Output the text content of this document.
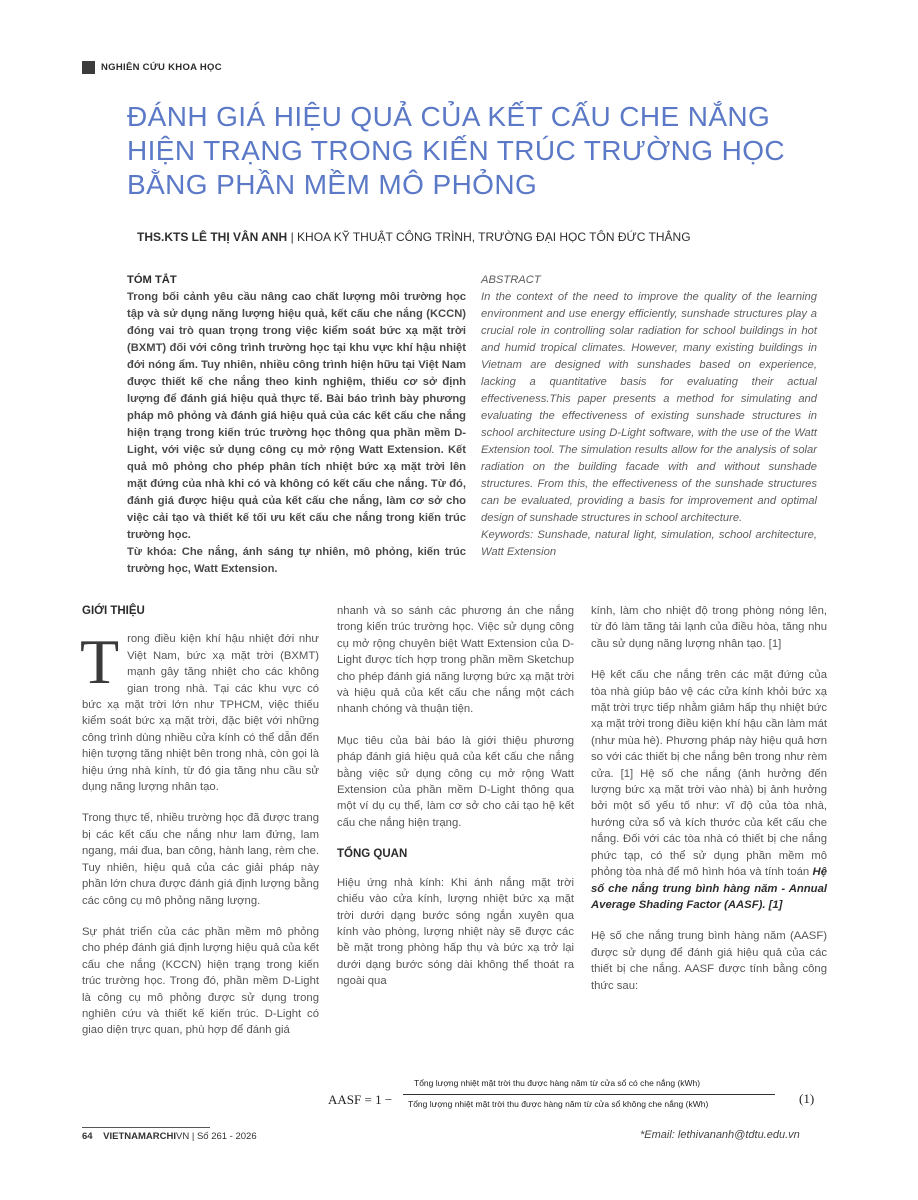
NGHIÊN CỨU KHOA HỌC
ĐÁNH GIÁ HIỆU QUẢ CỦA KẾT CẤU CHE NẮNG
HIỆN TRẠNG TRONG KIẾN TRÚC TRƯỜNG HỌC
BẰNG PHẦN MỀM MÔ PHỎNG
THS.KTS LÊ THỊ VÂN ANH | KHOA KỸ THUẬT CÔNG TRÌNH, TRƯỜNG ĐẠI HỌC TÔN ĐỨC THẮNG
TÓM TẮT

Trong bối cảnh yêu cầu nâng cao chất lượng môi trường học tập và sử dụng năng lượng hiệu quả, kết cấu che nắng (KCCN) đóng vai trò quan trọng trong việc kiểm soát bức xạ mặt trời (BXMT) đối với công trình trường học tại khu vực khí hậu nhiệt đới nóng ẩm. Tuy nhiên, nhiều công trình hiện hữu tại Việt Nam được thiết kế che nắng theo kinh nghiệm, thiếu cơ sở định lượng để đánh giá hiệu quả thực tế. Bài báo trình bày phương pháp mô phỏng và đánh giá hiệu quả của các kết cấu che nắng hiện trạng trong kiến trúc trường học thông qua phần mềm D-Light, với việc sử dụng công cụ mở rộng Watt Extension. Kết quả mô phỏng cho phép phân tích nhiệt bức xạ mặt trời lên mặt đứng của nhà khi có và không có kết cấu che nắng. Từ đó, đánh giá được hiệu quả của kết cấu che nắng, làm cơ sở cho việc cải tạo và thiết kế tối ưu kết cấu che nắng trong kiến trúc trường học.

Từ khóa: Che nắng, ánh sáng tự nhiên, mô phỏng, kiến trúc trường học, Watt Extension.

ABSTRACT

In the context of the need to improve the quality of the learning environment and use energy efficiently, sunshade structures play a crucial role in controlling solar radiation for school buildings in hot and humid tropical climates. However, many existing buildings in Vietnam are designed with sunshades based on experience, lacking a quantitative basis for evaluating their actual effectiveness.This paper presents a method for simulating and evaluating the effectiveness of existing sunshade structures in school architecture using D-Light software, with the use of the Watt Extension tool. The simulation results allow for the analysis of solar radiation on the building facade with and without sunshade structures. From this, the effectiveness of the sunshade structures can be evaluated, providing a basis for improvement and optimal design of sunshade structures in school architecture.

Keywords: Sunshade, natural light, simulation, school architecture, Watt Extension

GIỚI THIỆU

Trong điều kiện khí hậu nhiệt đới như Việt Nam, bức xạ mặt trời (BXMT) mạnh gây tăng nhiệt cho các không gian trong nhà. Tại các khu vực có bức xạ mặt trời lớn như TPHCM, việc thiếu kiểm soát bức xạ mặt trời, đặc biệt với những công trình dùng nhiều cửa kính có thể dẫn đến hiện tượng tăng nhiệt bên trong nhà, còn gọi là hiệu ứng nhà kính, từ đó gia tăng nhu cầu sử dụng năng lượng nhân tạo.

Trong thực tế, nhiều trường học đã được trang bị các kết cấu che nắng như lam đứng, lam ngang, mái đua, ban công, hành lang, rèm che. Tuy nhiên, hiệu quả của các giải pháp này phần lớn chưa được đánh giá định lượng bằng các công cụ mô phỏng năng lượng.

Sự phát triển của các phần mềm mô phỏng cho phép đánh giá định lượng hiệu quả của kết cấu che nắng (KCCN) hiện trạng trong kiến trúc trường học. Trong đó, phần mềm D-Light là công cụ mô phỏng được sử dụng trong nghiên cứu và thiết kế kiến trúc. D-Light có giao diện trực quan, phù hợp để đánh giá

nhanh và so sánh các phương án che nắng trong kiến trúc trường học. Việc sử dụng công cụ mở rộng chuyên biệt Watt Extension của D-Light được tích hợp trong phần mềm Sketchup cho phép đánh giá năng lượng bức xạ mặt trời và hiệu quả của kết cấu che nắng một cách nhanh chóng và thuận tiện.

Mục tiêu của bài báo là giới thiệu phương pháp đánh giá hiệu quả của kết cấu che nắng bằng việc sử dụng công cụ mở rộng Watt Extension của phần mềm D-Light thông qua một ví dụ cụ thể, làm cơ sở cho cải tạo hệ kết cấu che nắng hiện trạng.

TỔNG QUAN

Hiệu ứng nhà kính: Khi ánh nắng mặt trời chiếu vào cửa kính, lượng nhiệt bức xạ mặt trời dưới dạng bước sóng ngắn xuyên qua kính vào phòng, lượng nhiệt này sẽ được các bề mặt trong phòng hấp thụ và bức xạ trở lại dưới dạng bước sóng dài không thể thoát ra ngoài qua

kính, làm cho nhiệt độ trong phòng nóng lên, từ đó làm tăng tải lạnh của điều hòa, tăng nhu cầu sử dụng năng lượng nhân tạo. [1]

Hệ kết cấu che nắng trên các mặt đứng của tòa nhà giúp bảo vệ các cửa kính khỏi bức xạ mặt trời trực tiếp nhằm giảm hấp thụ nhiệt bức xạ mặt trời trong điều kiện khí hậu cần làm mát (như mùa hè). Phương pháp này hiệu quả hơn so với các thiết bị che nắng bên trong như rèm cửa. [1] Hệ số che nắng (ảnh hưởng đến lượng bức xạ mặt trời vào nhà) bị ảnh hưởng bởi một số yếu tố như: vĩ độ của tòa nhà, hướng cửa sổ và kích thước của kết cấu che nắng. Đối với các tòa nhà có thiết bị che nắng phức tạp, có thể sử dụng phần mềm mô phỏng tòa nhà để mô hình hóa và tính toán Hệ số che nắng trung bình hàng năm - Annual Average Shading Factor (AASF). [1]

Hệ số che nắng trung bình hàng năm (AASF) được sử dụng để đánh giá hiệu quả của các thiết bị che nắng. AASF được tính bằng công thức sau:

AASF = 1 −
Tổng lượng nhiệt mặt trời thu được hàng năm từ cửa sổ có che nắng (kWh)
Tổng lượng nhiệt mặt trời thu được hàng năm từ cửa sổ không che nắng (kWh)	(1)
64 VIETNAMARCHIVN | Số 261 - 2026	*Email: lethivananh@tdtu.edu.vn
